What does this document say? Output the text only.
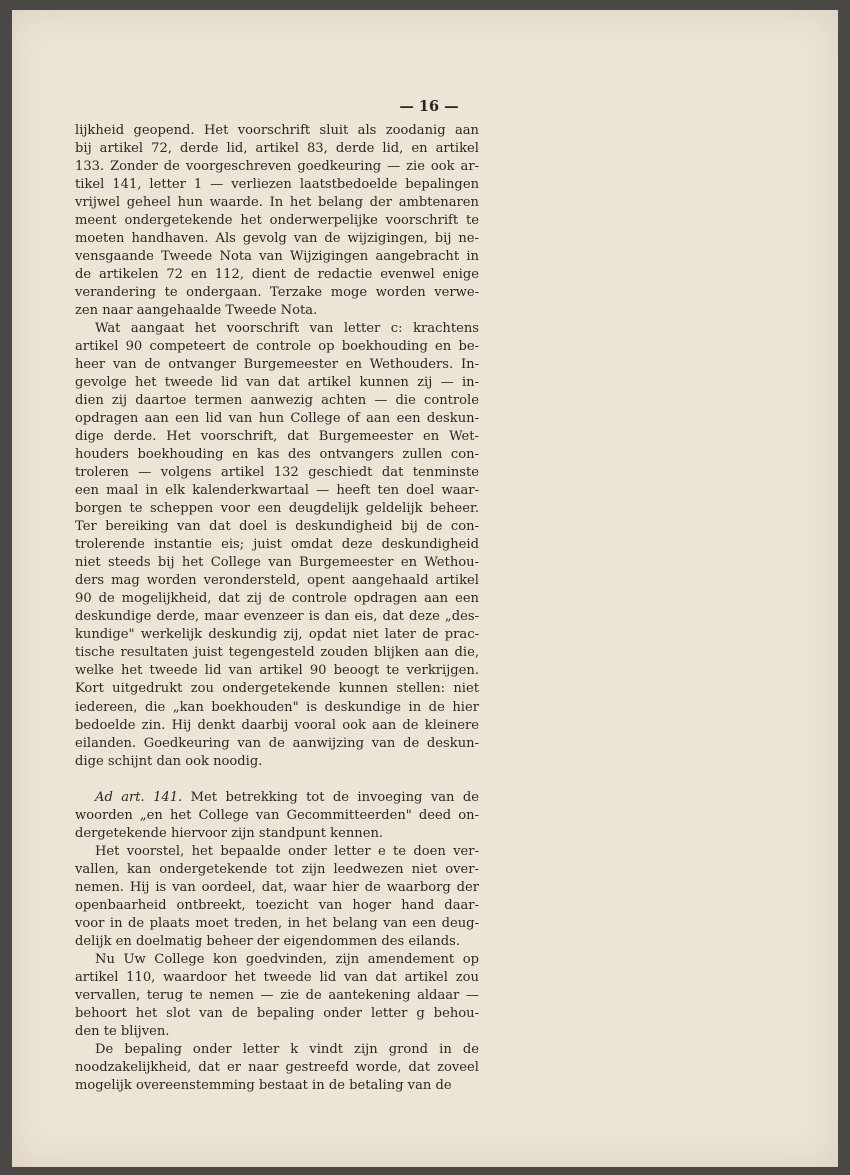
— 16 —
lijkheid geopend. Het voorschrift sluit als zoodanig aan
bij artikel 72, derde lid, artikel 83, derde lid, en artikel
133. Zonder de voorgeschreven goedkeuring — zie ook ar-
tikel 141, letter 1 — verliezen laatstbedoelde bepalingen
vrijwel geheel hun waarde. In het belang der ambtenaren
meent ondergetekende het onderwerpelijke voorschrift te
moeten handhaven. Als gevolg van de wijzigingen, bij ne-
vensgaande Tweede Nota van Wijzigingen aangebracht in
de artikelen 72 en 112, dient de redactie evenwel enige
verandering te ondergaan. Terzake moge worden verwe-
zen naar aangehaalde Tweede Nota.
Wat aangaat het voorschrift van letter c: krachtens
artikel 90 competeert de controle op boekhouding en be-
heer van de ontvanger Burgemeester en Wethouders. In-
gevolge het tweede lid van dat artikel kunnen zij — in-
dien zij daartoe termen aanwezig achten — die controle
opdragen aan een lid van hun College of aan een deskun-
dige derde. Het voorschrift, dat Burgemeester en Wet-
houders boekhouding en kas des ontvangers zullen con-
troleren — volgens artikel 132 geschiedt dat tenminste
een maal in elk kalenderkwartaal — heeft ten doel waar-
borgen te scheppen voor een deugdelijk geldelijk beheer.
Ter bereiking van dat doel is deskundigheid bij de con-
trolerende instantie eis; juist omdat deze deskundigheid
niet steeds bij het College van Burgemeester en Wethou-
ders mag worden verondersteld, opent aangehaald artikel
90 de mogelijkheid, dat zij de controle opdragen aan een
deskundige derde, maar evenzeer is dan eis, dat deze „des-
kundige" werkelijk deskundig zij, opdat niet later de prac-
tische resultaten juist tegengesteld zouden blijken aan die,
welke het tweede lid van artikel 90 beoogt te verkrijgen.
Kort uitgedrukt zou ondergetekende kunnen stellen: niet
iedereen, die „kan boekhouden" is deskundige in de hier
bedoelde zin. Hij denkt daarbij vooral ook aan de kleinere
eilanden. Goedkeuring van de aanwijzing van de deskun-
dige schijnt dan ook noodig.
Ad art. 141. Met betrekking tot de invoeging van de
woorden „en het College van Gecommitteerden" deed on-
dergetekende hiervoor zijn standpunt kennen.
Het voorstel, het bepaalde onder letter e te doen ver-
vallen, kan ondergetekende tot zijn leedwezen niet over-
nemen. Hij is van oordeel, dat, waar hier de waarborg der
openbaarheid ontbreekt, toezicht van hoger hand daar-
voor in de plaats moet treden, in het belang van een deug-
delijk en doelmatig beheer der eigendommen des eilands.
Nu Uw College kon goedvinden, zijn amendement op
artikel 110, waardoor het tweede lid van dat artikel zou
vervallen, terug te nemen — zie de aantekening aldaar —
behoort het slot van de bepaling onder letter g behou-
den te blijven.
De bepaling onder letter k vindt zijn grond in de
noodzakelijkheid, dat er naar gestreefd worde, dat zoveel
mogelijk overeenstemming bestaat in de betaling van de
